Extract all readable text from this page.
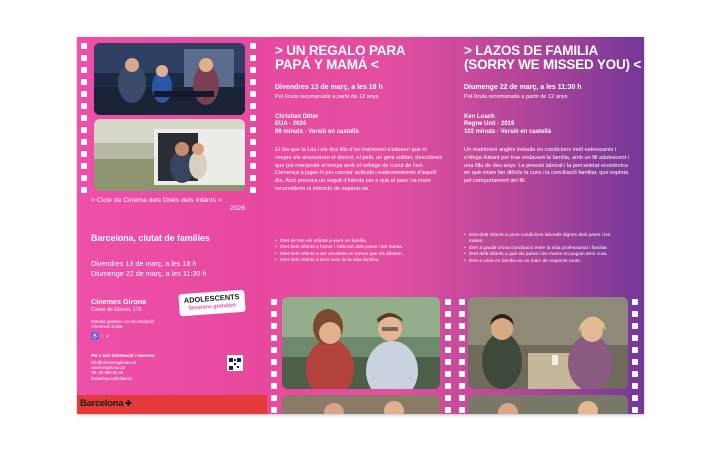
> Cicle de Cinema dels Drets dels Infants <
2026
Barcelona, clutat de famílies
Divendres 13 de març, a les 18 h
Diumenge 22 de març, a les 11:30 h
Cinemes Girona
Carrer de Girona, 175
ADOLESCENTS
Sessions gratuïtes
Entrada gratuïta i no cal inscripció
Aforament limitat
♿◌◐
Per a més informació i reserves:
info@cinemesgirona.cat
cinemesgirona.cat
Tel. 93 450 88 26
barcelona.cat/infancia
Barcelona ✚
> UN REGALO PARA
PAPÁ Y MAMÁ <
Divendres 13 de març, a les 18 h
Pel·lícula recomanada a partir de 12 anys
Christian Ditter
EUA · 2024
86 minuts · Versió en castellà
El dia que la Lila i els dos fills d'un matrimoni s'adonen que el vespre els anunciaran el divorci, el petit, un geni solitari, descobreix que pot manipular el temps amb el rellotge de cucut de l'avi. Comença a jugar-hi per canviar actituds i esdeveniments d'aquell dia. Això provoca un seguit d'intents per a què el pare i la mare reconsiderin la intenció de separar-se.
• Dret de tots els infants a viure en família.
• Dret dels infants a l'amor i l'afecció dels pares i les mares.
• Dret dels infants a ser escoltats en temes que els afecten.
• Dret dels infants a tenir cura de la vida familiar.
> LAZOS DE FAMILIA
(SORRY WE MISSED YOU) <
Diumenge 22 de març, a les 11:30 h
Pel·lícula recomanada a partir de 12 anys
Ken Loach
Regne Unit · 2019
102 minuts · Versió en castellà
Un matrimoni anglès treballa en condicions molt estressants i s'ofega lluitant per tirar endavant la família, amb un fill adolescent i una filla de deu anys. La pressió laboral i la precarietat econòmica en què viuen fan difícils la cura i la conciliació familiar, que explota pel comportament del fill.
• Dret dels infants a unes condicions laborals dignes dels pares i les mares.
• Dret a gaudir d'una conciliació entre la vida professional i familiar.
• Dret dels infants a què els pares i les mares en puguin tenir cura.
• Dret a viure en família en un marc de respecte mutu.
